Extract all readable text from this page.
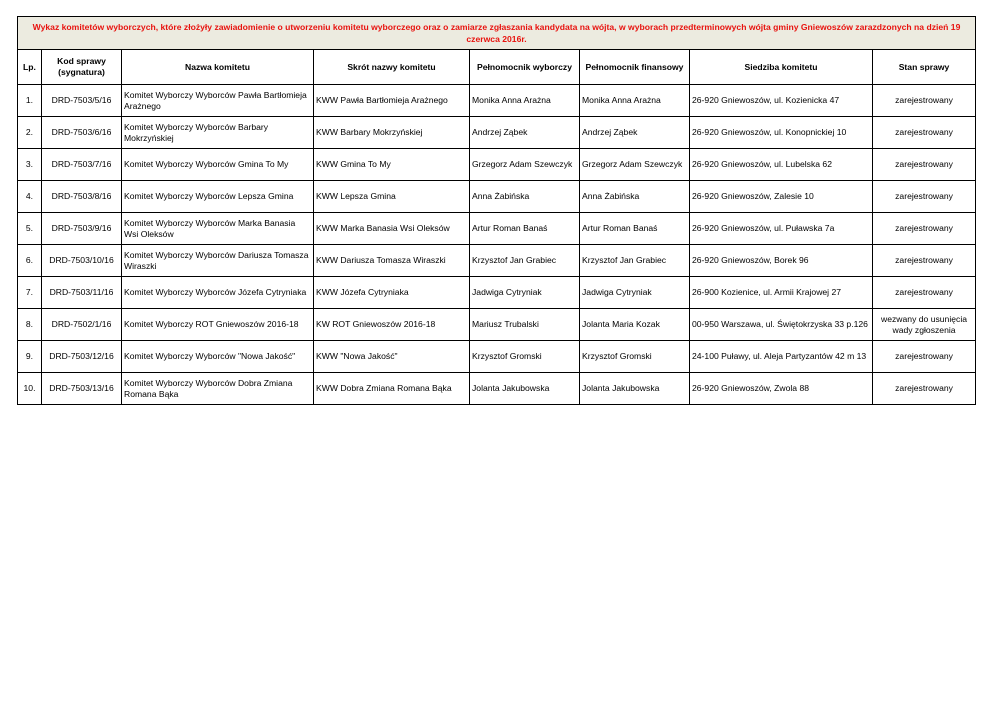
Wykaz komitetów wyborczych, które złożyły zawiadomienie o utworzeniu komitetu wyborczego oraz o zamiarze zgłaszania kandydata na wójta, w wyborach przedterminowych wójta gminy Gniewoszów zarazdzonych na dzień 19 czerwca 2016r.							
Lp.	Kod sprawy (sygnatura)	Nazwa komitetu	Skrót nazwy komitetu	Pełnomocnik wyborczy	Pełnomocnik finansowy	Siedziba komitetu	Stan sprawy
1.	DRD-7503/5/16	Komitet Wyborczy Wyborców Pawła Bartłomieja Arażnego	KWW Pawła Bartłomieja Arażnego	Monika Anna Arażna	Monika Anna Arażna	26-920 Gniewoszów, ul. Kozienicka 47	zarejestrowany
2.	DRD-7503/6/16	Komitet Wyborczy Wyborców Barbary Mokrzyńskiej	KWW Barbary Mokrzyńskiej	Andrzej Ząbek	Andrzej Ząbek	26-920 Gniewoszów, ul. Konopnickiej 10	zarejestrowany
3.	DRD-7503/7/16	Komitet Wyborczy Wyborców Gmina To My	KWW Gmina To My	Grzegorz Adam Szewczyk	Grzegorz Adam Szewczyk	26-920 Gniewoszów, ul. Lubelska 62	zarejestrowany
4.	DRD-7503/8/16	Komitet Wyborczy Wyborców Lepsza Gmina	KWW Lepsza Gmina	Anna Żabińska	Anna Żabińska	26-920 Gniewoszów, Zalesie 10	zarejestrowany
5.	DRD-7503/9/16	Komitet Wyborczy Wyborców Marka Banasia Wsi Oleksów	KWW Marka Banasia Wsi Oleksów	Artur Roman Banaś	Artur Roman Banaś	26-920 Gniewoszów, ul. Puławska 7a	zarejestrowany
6.	DRD-7503/10/16	Komitet Wyborczy Wyborców Dariusza Tomasza Wiraszki	KWW Dariusza Tomasza Wiraszki	Krzysztof Jan Grabiec	Krzysztof Jan Grabiec	26-920 Gniewoszów, Borek 96	zarejestrowany
7.	DRD-7503/11/16	Komitet Wyborczy Wyborców Józefa Cytryniaka	KWW Józefa Cytryniaka	Jadwiga Cytryniak	Jadwiga Cytryniak	26-900 Kozienice, ul. Armii Krajowej 27	zarejestrowany
8.	DRD-7502/1/16	Komitet Wyborczy ROT Gniewoszów 2016-18	KW ROT Gniewoszów 2016-18	Mariusz Trubalski	Jolanta Maria Kozak	00-950 Warszawa, ul. Świętokrzyska 33 p.126	wezwany do usunięcia wady zgłoszenia
9.	DRD-7503/12/16	Komitet Wyborczy Wyborców "Nowa Jakość"	KWW "Nowa Jakość"	Krzysztof Gromski	Krzysztof Gromski	24-100 Puławy, ul. Aleja Partyzantów 42 m 13	zarejestrowany
10.	DRD-7503/13/16	Komitet Wyborczy Wyborców Dobra Zmiana Romana Bąka	KWW Dobra Zmiana Romana Bąka	Jolanta Jakubowska	Jolanta Jakubowska	26-920 Gniewoszów, Zwola 88	zarejestrowany
